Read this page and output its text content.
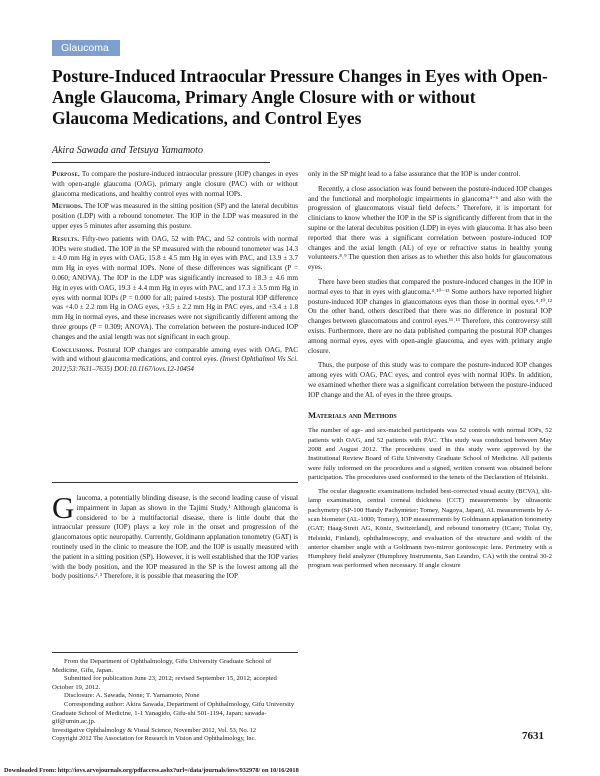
Glaucoma
Posture-Induced Intraocular Pressure Changes in Eyes with Open-Angle Glaucoma, Primary Angle Closure with or without Glaucoma Medications, and Control Eyes
Akira Sawada and Tetsuya Yamamoto

Purpose. To compare the posture-induced intraocular pressure (IOP) changes in eyes with open-angle glaucoma (OAG), primary angle closure (PAC) with or without glaucoma medications, and healthy control eyes with normal IOPs.

Methods. The IOP was measured in the sitting position (SP) and the lateral decubitus position (LDP) with a rebound tonometer. The IOP in the LDP was measured in the upper eyes 5 minutes after assuming this posture.

Results. Fifty-two patients with OAG, 52 with PAC, and 52 controls with normal IOPs were studied. The IOP in the SP measured with the rebound tonometer was 14.3 ± 4.0 mm Hg in eyes with OAG, 15.8 ± 4.5 mm Hg in eyes with PAC, and 13.9 ± 3.7 mm Hg in eyes with normal IOPs. None of these differences was significant (P = 0.060; ANOVA). The IOP in the LDP was significantly increased to 18.3 ± 4.6 mm Hg in eyes with OAG, 19.3 ± 4.4 mm Hg in eyes with PAC, and 17.3 ± 3.5 mm Hg in eyes with normal IOPs (P = 0.000 for all; paired t-tests). The postural IOP difference was +4.0 ± 2.2 mm Hg in OAG eyes, +3.5 ± 2.2 mm Hg in PAC eyes, and +3.4 ± 1.8 mm Hg in normal eyes, and these increases were not significantly different among the three groups (P = 0.309; ANOVA). The correlation between the posture-induced IOP changes and the axial length was not significant in each group.

Conclusions. Postural IOP changes are comparable among eyes with OAG, PAC with and without glaucoma medications, and control eyes. (Invest Ophthalmol Vis Sci. 2012;53:7631–7635) DOI:10.1167/iovs.12-10454

Glaucoma, a potentially blinding disease, is the second leading cause of visual impairment in Japan as shown in the Tajimi Study.¹ Although glaucoma is considered to be a multifactorial disease, there is little doubt that the intraocular pressure (IOP) plays a key role in the onset and progression of the glaucomatous optic neuropathy. Currently, Goldmann applanation tonometry (GAT) is routinely used in the clinic to measure the IOP, and the IOP is usually measured with the patient in a sitting position (SP). However, it is well established that the IOP varies with the body position, and the IOP measured in the SP is the lowest among all the body positions.²˒³ Therefore, it is possible that measuring the IOP

From the Department of Ophthalmology, Gifu University Graduate School of Medicine, Gifu, Japan.

Submitted for publication June 23, 2012; revised September 15, 2012; accepted October 19, 2012.

Disclosure: A. Sawada, None; T. Yamamoto, None

Corresponding author: Akira Sawada, Department of Ophthalmology, Gifu University Graduate School of Medicine, 1-1 Yanagido, Gifu-shi 501-1194, Japan; sawada-gif@umin.ac.jp.

Investigative Ophthalmology & Visual Science, November 2012, Vol. 53, No. 12
Copyright 2012 The Association for Research in Vision and Ophthalmology, Inc.

only in the SP might lead to a false assurance that the IOP is under control.

Recently, a close association was found between the posture-induced IOP changes and the functional and morphologic impairments in glaucoma⁴⁻⁶ and also with the progression of glaucomatous visual field defects.⁷ Therefore, it is important for clinicians to know whether the IOP in the SP is significantly different from that in the supine or the lateral decubitus position (LDP) in eyes with glaucoma. It has also been reported that there was a significant correlation between posture-induced IOP changes and the axial length (AL) of eye or refractive status in healthy young volunteers.⁸˒⁹ The question then arises as to whether this also holds for glaucomatous eyes.

There have been studies that compared the posture-induced changes in the IOP in normal eyes to that in eyes with glaucoma.⁴˒¹⁰⁻¹³ Some authors have reported higher posture-induced IOP changes in glaucomatous eyes than those in normal eyes.⁴˒¹⁰˒¹² On the other hand, others described that there was no difference in postural IOP changes between glaucomatous and control eyes.¹¹˒¹³ Therefore, this controversy still exists. Furthermore, there are no data published comparing the postural IOP changes among normal eyes, eyes with open-angle glaucoma, and eyes with primary angle closure.

Thus, the purpose of this study was to compare the posture-induced IOP changes among eyes with OAG, PAC eyes, and control eyes with normal IOPs. In addition, we examined whether there was a significant correlation between the posture-induced IOP change and the AL of eyes in the three groups.

Materials and Methods

The number of age- and sex-matched participants was 52 controls with normal IOPs, 52 patients with OAG, and 52 patients with PAC. This study was conducted between May 2008 and August 2012. The procedures used in this study were approved by the Institutional Review Board of Gifu University Graduate School of Medicine. All patients were fully informed on the procedures and a signed, written consent was obtained before participation. The procedures used conformed to the tenets of the Declaration of Helsinki.

The ocular diagnostic examinations included best-corrected visual acuity (BCVA), slit-lamp examination, central corneal thickness (CCT) measurements by ultrasonic pachymetry (SP-100 Handy Pachymeter; Tomey, Nagoya, Japan), AL measurements by A-scan biometer (AL-1000; Tomey), IOP measurements by Goldmann applanation tonometry (GAT; Haag-Streit AG, Köniz, Switzerland), and rebound tonometry (ICare; Tiolat Oy, Helsinki, Finland), ophthalmoscopy, and evaluation of the structure and width of the anterior chamber angle with a Goldmann two-mirror gonioscopic lens. Perimetry with a Humphrey field analyzer (Humphrey Instruments, San Leandro, CA) with the central 30-2 program was performed when necessary. If angle closure

7631
Downloaded From: http://iovs.arvojournals.org/pdfaccess.ashx?url=/data/journals/iovs/932978/ on 10/16/2018
